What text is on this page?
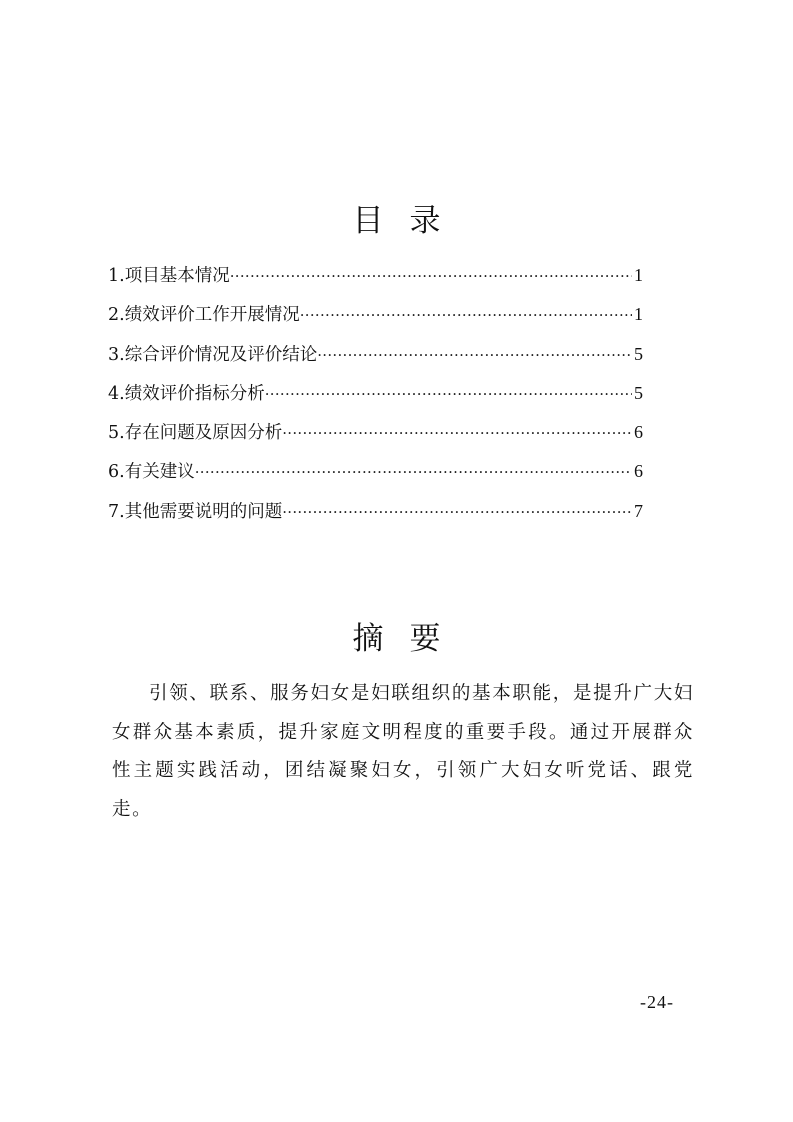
目录
1.项目基本情况 ·····	1
2.绩效评价工作开展情况 ·····	1
3.综合评价情况及评价结论 ·····	5
4.绩效评价指标分析 ·····	5
5.存在问题及原因分析 ·····	6
6.有关建议 ·····	6
7.其他需要说明的问题 ·····	7
摘要

引领、联系、服务妇女是妇联组织的基本职能，是提升广大妇女群众基本素质，提升家庭文明程度的重要手段。通过开展群众性主题实践活动，团结凝聚妇女，引领广大妇女听党话、跟党走。

-24-
